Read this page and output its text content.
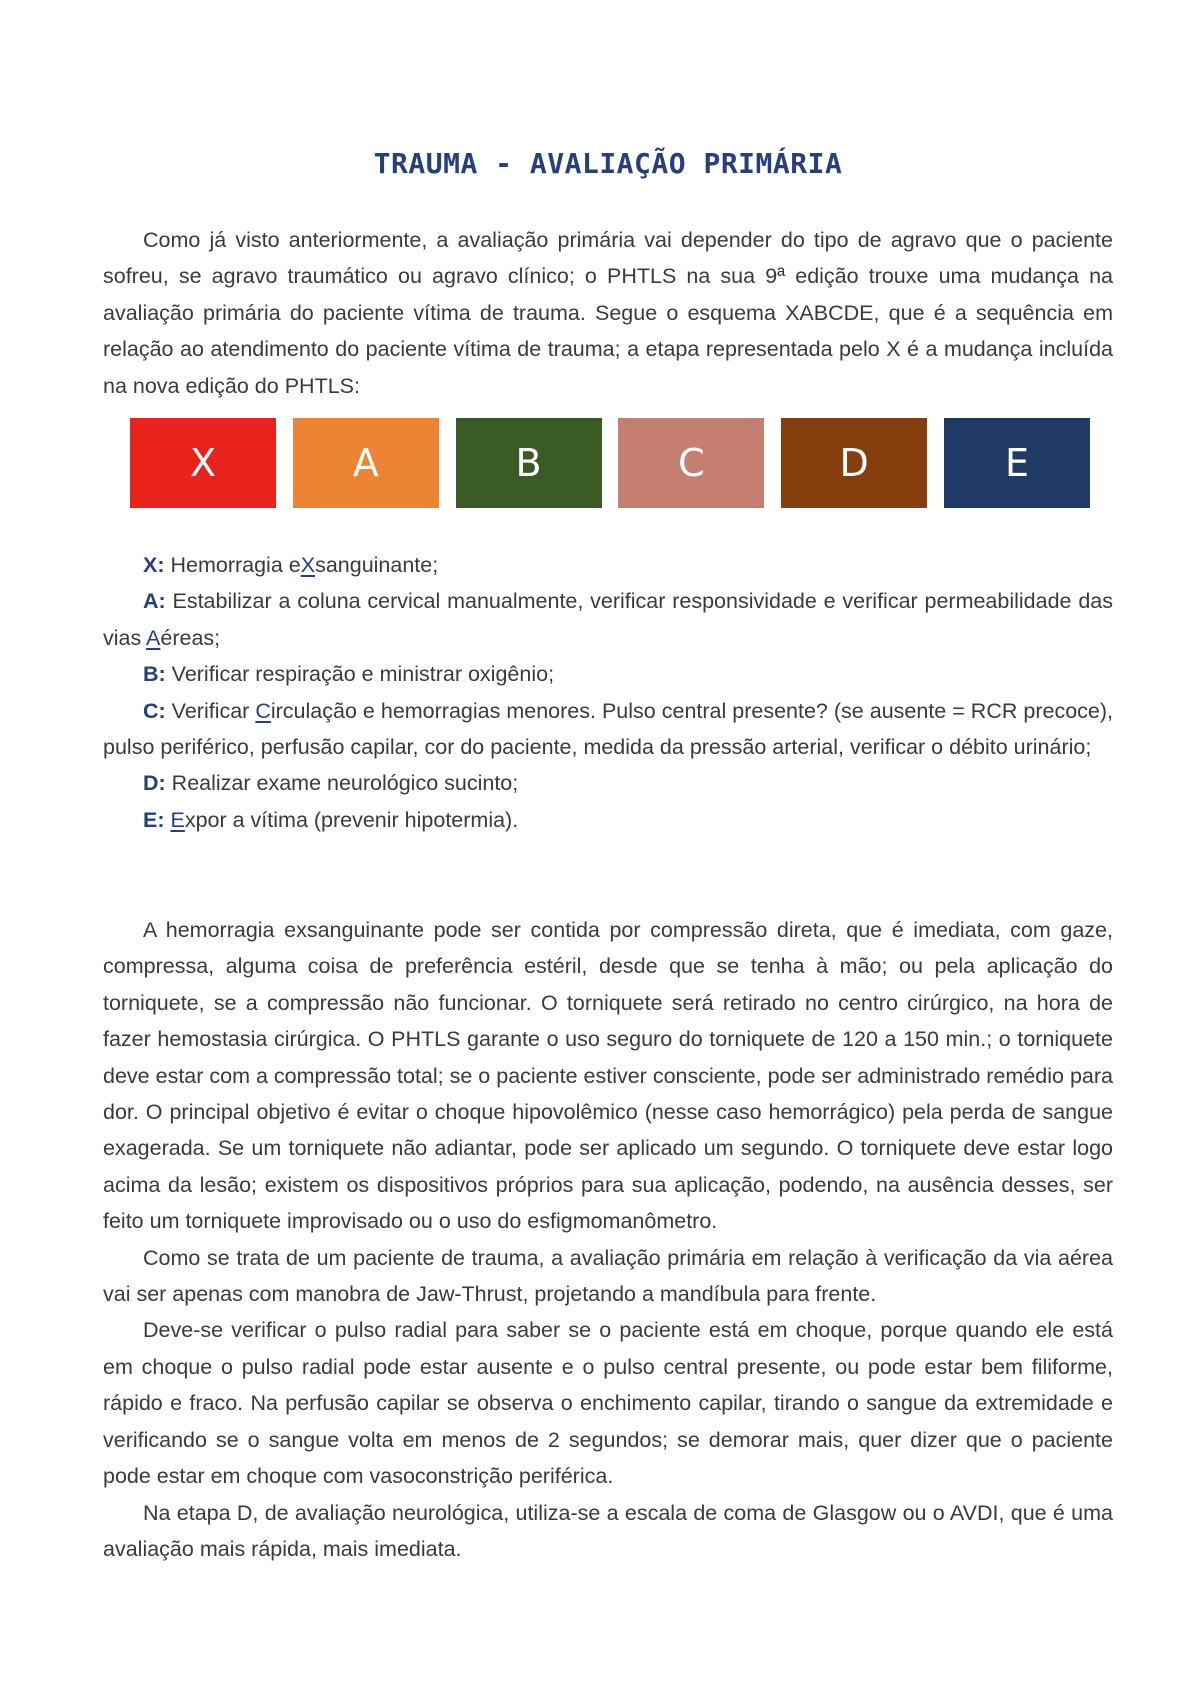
TRAUMA - AVALIAÇÃO PRIMÁRIA

Como já visto anteriormente, a avaliação primária vai depender do tipo de agravo que o paciente sofreu, se agravo traumático ou agravo clínico; o PHTLS na sua 9ª edição trouxe uma mudança na avaliação primária do paciente vítima de trauma. Segue o esquema XABCDE, que é a sequência em relação ao atendimento do paciente vítima de trauma; a etapa representada pelo X é a mudança incluída na nova edição do PHTLS:

X	A	B	C	D	E

X: Hemorragia eXsanguinante;

A: Estabilizar a coluna cervical manualmente, verificar responsividade e verificar permeabilidade das vias Aéreas;

B: Verificar respiração e ministrar oxigênio;

C: Verificar Circulação e hemorragias menores. Pulso central presente? (se ausente = RCR precoce), pulso periférico, perfusão capilar, cor do paciente, medida da pressão arterial, verificar o débito urinário;

D: Realizar exame neurológico sucinto;

E: Expor a vítima (prevenir hipotermia).

A hemorragia exsanguinante pode ser contida por compressão direta, que é imediata, com gaze, compressa, alguma coisa de preferência estéril, desde que se tenha à mão; ou pela aplicação do torniquete, se a compressão não funcionar. O torniquete será retirado no centro cirúrgico, na hora de fazer hemostasia cirúrgica. O PHTLS garante o uso seguro do torniquete de 120 a 150 min.; o torniquete deve estar com a compressão total; se o paciente estiver consciente, pode ser administrado remédio para dor. O principal objetivo é evitar o choque hipovolêmico (nesse caso hemorrágico) pela perda de sangue exagerada. Se um torniquete não adiantar, pode ser aplicado um segundo. O torniquete deve estar logo acima da lesão; existem os dispositivos próprios para sua aplicação, podendo, na ausência desses, ser feito um torniquete improvisado ou o uso do esfigmomanômetro.

Como se trata de um paciente de trauma, a avaliação primária em relação à verificação da via aérea vai ser apenas com manobra de Jaw-Thrust, projetando a mandíbula para frente.

Deve-se verificar o pulso radial para saber se o paciente está em choque, porque quando ele está em choque o pulso radial pode estar ausente e o pulso central presente, ou pode estar bem filiforme, rápido e fraco. Na perfusão capilar se observa o enchimento capilar, tirando o sangue da extremidade e verificando se o sangue volta em menos de 2 segundos; se demorar mais, quer dizer que o paciente pode estar em choque com vasoconstrição periférica.

Na etapa D, de avaliação neurológica, utiliza-se a escala de coma de Glasgow ou o AVDI, que é uma avaliação mais rápida, mais imediata.
